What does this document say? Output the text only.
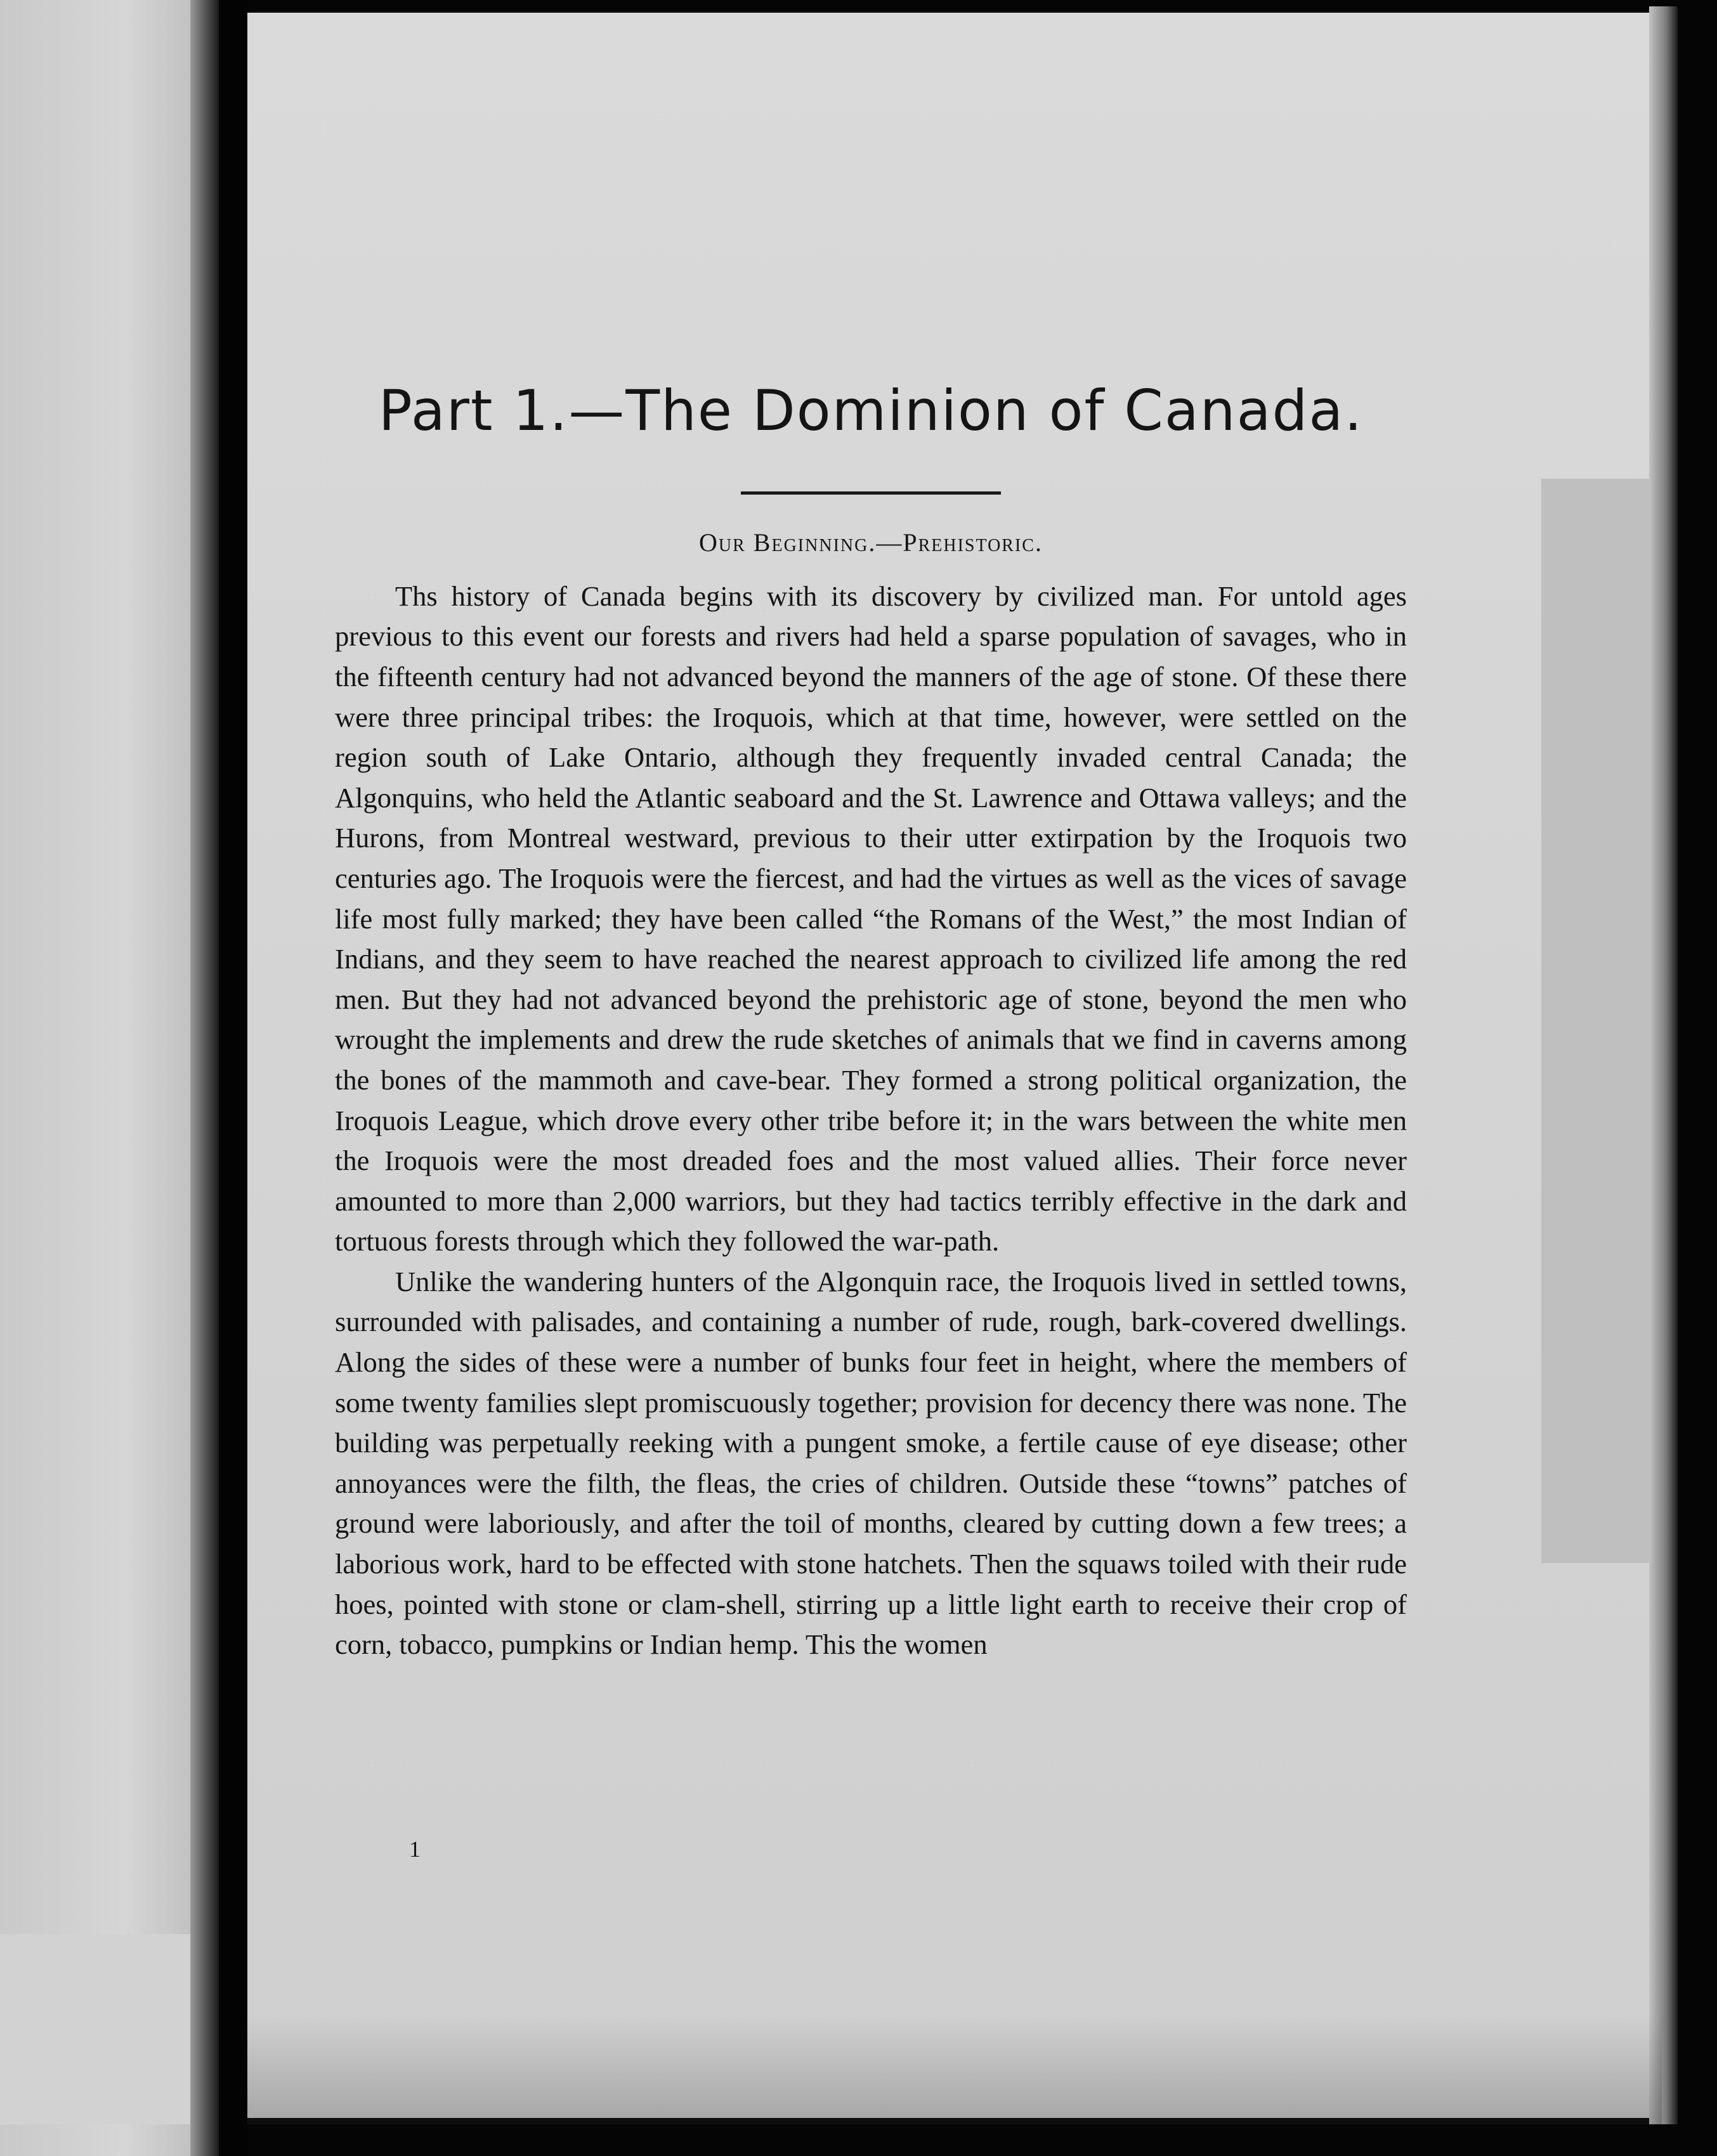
Part 1.—The Dominion of Canada.
Our Beginning.—Prehistoric.

Ths history of Canada begins with its discovery by civilized man. For untold ages previous to this event our forests and rivers had held a sparse population of savages, who in the fifteenth century had not advanced beyond the manners of the age of stone. Of these there were three principal tribes: the Iroquois, which at that time, however, were settled on the region south of Lake Ontario, although they frequently invaded central Canada; the Algonquins, who held the Atlantic seaboard and the St. Lawrence and Ottawa valleys; and the Hurons, from Montreal westward, previous to their utter extirpation by the Iroquois two centuries ago. The Iroquois were the fiercest, and had the virtues as well as the vices of savage life most fully marked; they have been called “the Romans of the West,” the most Indian of Indians, and they seem to have reached the nearest approach to civilized life among the red men. But they had not advanced beyond the prehistoric age of stone, beyond the men who wrought the implements and drew the rude sketches of animals that we find in caverns among the bones of the mammoth and cave-bear. They formed a strong political organization, the Iroquois League, which drove every other tribe before it; in the wars between the white men the Iroquois were the most dreaded foes and the most valued allies. Their force never amounted to more than 2,000 warriors, but they had tactics terribly effective in the dark and tortuous forests through which they followed the war-path.

Unlike the wandering hunters of the Algonquin race, the Iroquois lived in settled towns, surrounded with palisades, and containing a number of rude, rough, bark-covered dwellings. Along the sides of these were a number of bunks four feet in height, where the members of some twenty families slept promiscuously together; provision for decency there was none. The building was perpetually reeking with a pungent smoke, a fertile cause of eye disease; other annoyances were the filth, the fleas, the cries of children. Outside these “towns” patches of ground were laboriously, and after the toil of months, cleared by cutting down a few trees; a laborious work, hard to be effected with stone hatchets. Then the squaws toiled with their rude hoes, pointed with stone or clam-shell, stirring up a little light earth to receive their crop of corn, tobacco, pumpkins or Indian hemp. This the women

1
